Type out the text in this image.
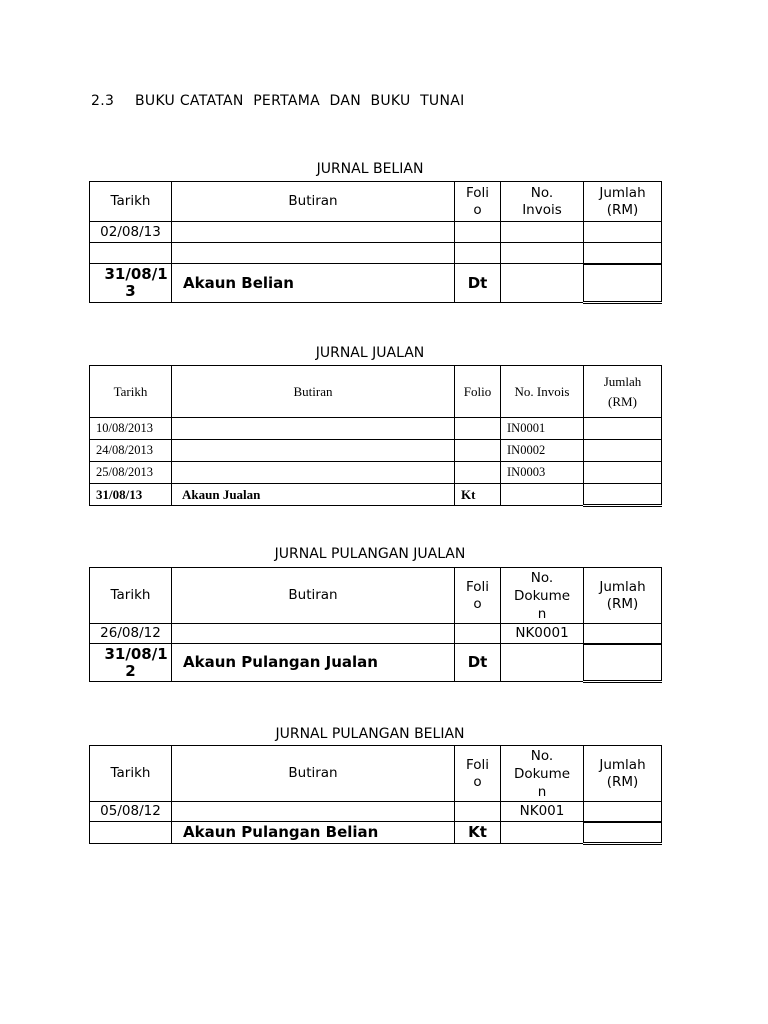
2.3 BUKU CATATAN  PERTAMA  DAN  BUKU  TUNAI
JURNAL BELIAN
Tarikh	Butiran	Foli o	No. Invois	Jumlah (RM)

02/08/13				

31/08/1 3	Akaun Belian	Dt		
JURNAL JUALAN
Tarikh	Butiran	Folio	No. Invois	Jumlah (RM)

10/08/2013			IN0001	
24/08/2013			IN0002	
25/08/2013			IN0003	
31/08/13	Akaun Jualan	Kt		
JURNAL PULANGAN JUALAN
Tarikh	Butiran	Foli o	No. Dokume n	Jumlah (RM)

26/08/12			NK0001	

31/08/1 2	Akaun Pulangan Jualan	Dt		
JURNAL PULANGAN BELIAN
Tarikh	Butiran	Foli o	No. Dokume n	Jumlah (RM)

05/08/12			NK001	
	Akaun Pulangan Belian	Kt		
